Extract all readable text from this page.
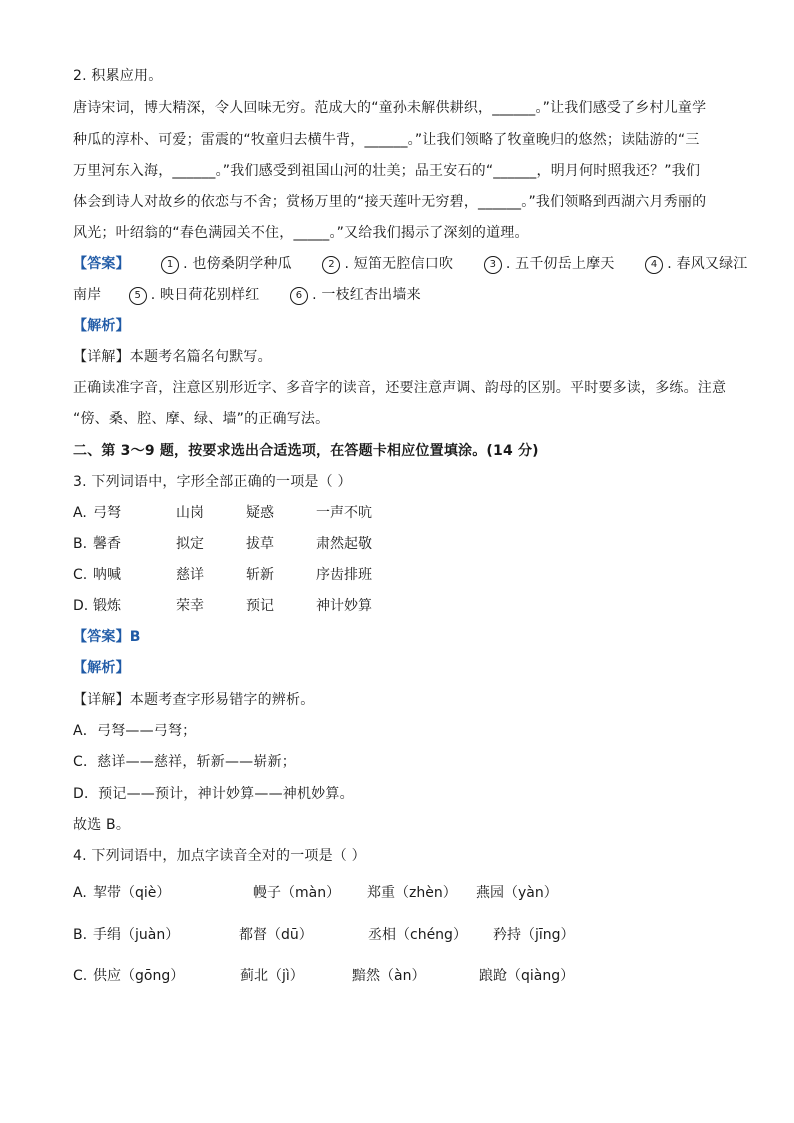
2. 积累应用。
唐诗宋词，博大精深，令人回味无穷。范成大的“童孙未解供耕织，______。”让我们感受了乡村儿童学
种瓜的淳朴、可爱；雷震的“牧童归去横牛背，______。”让我们领略了牧童晚归的悠然；读陆游的“三
万里河东入海，______。”我们感受到祖国山河的壮美；品王安石的“______，明月何时照我还？”我们
体会到诗人对故乡的依恋与不舍；赏杨万里的“接天莲叶无穷碧，______。”我们领略到西湖六月秀丽的
风光；叶绍翁的“春色满园关不住，_____。”又给我们揭示了深刻的道理。
【答案】	1 . 也傍桑阴学种瓜	2 . 短笛无腔信口吹	3 . 五千仞岳上摩天	4 . 春风又绿江
南岸	5 . 映日荷花别样红	6 . 一枝红杏出墙来
【解析】
【详解】本题考名篇名句默写。
正确读准字音，注意区别形近字、多音字的读音，还要注意声调、韵母的区别。平时要多读，多练。注意
“傍、桑、腔、摩、绿、墙”的正确写法。
二、第 3～9 题，按要求选出合适选项，在答题卡相应位置填涂。(14 分)
3. 下列词语中，字形全部正确的一项是（ ）
A. 弓弩	山岗	疑惑	一声不吭
B. 馨香	拟定	拔草	肃然起敬
C. 呐喊	慈详	斩新	序齿排班
D. 锻炼	荣幸	预记	神计妙算
【答案】B
【解析】
【详解】本题考查字形易错字的辨析。
A．弓弩——弓弩；
C．慈详——慈祥，斩新——崭新；
D．预记——预计，神计妙算——神机妙算。
故选 B。
4. 下列词语中，加点字读音全对的一项是（ ）
A. 挈带（qiè）	幔子（màn） 郑重（zhèn） 燕园（yàn）
B. 手绢（juàn）	都督（dū）	丞相（chéng） 矜持（jīng）
C. 供应（gōng）	蓟北（jì）	黯然（àn）	踉跄（qiàng）
